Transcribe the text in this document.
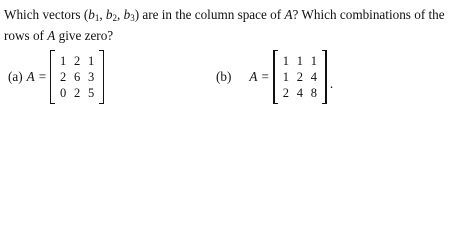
Which vectors ($b_1$, $b_2$, $b_3$) are in the column space of A? Which combinations of the rows of A give zero?
(a) A =
1 2 1
2 6 3
0 2 5
(b) A =
1 1 1
1 2 4
2 4 8
.
